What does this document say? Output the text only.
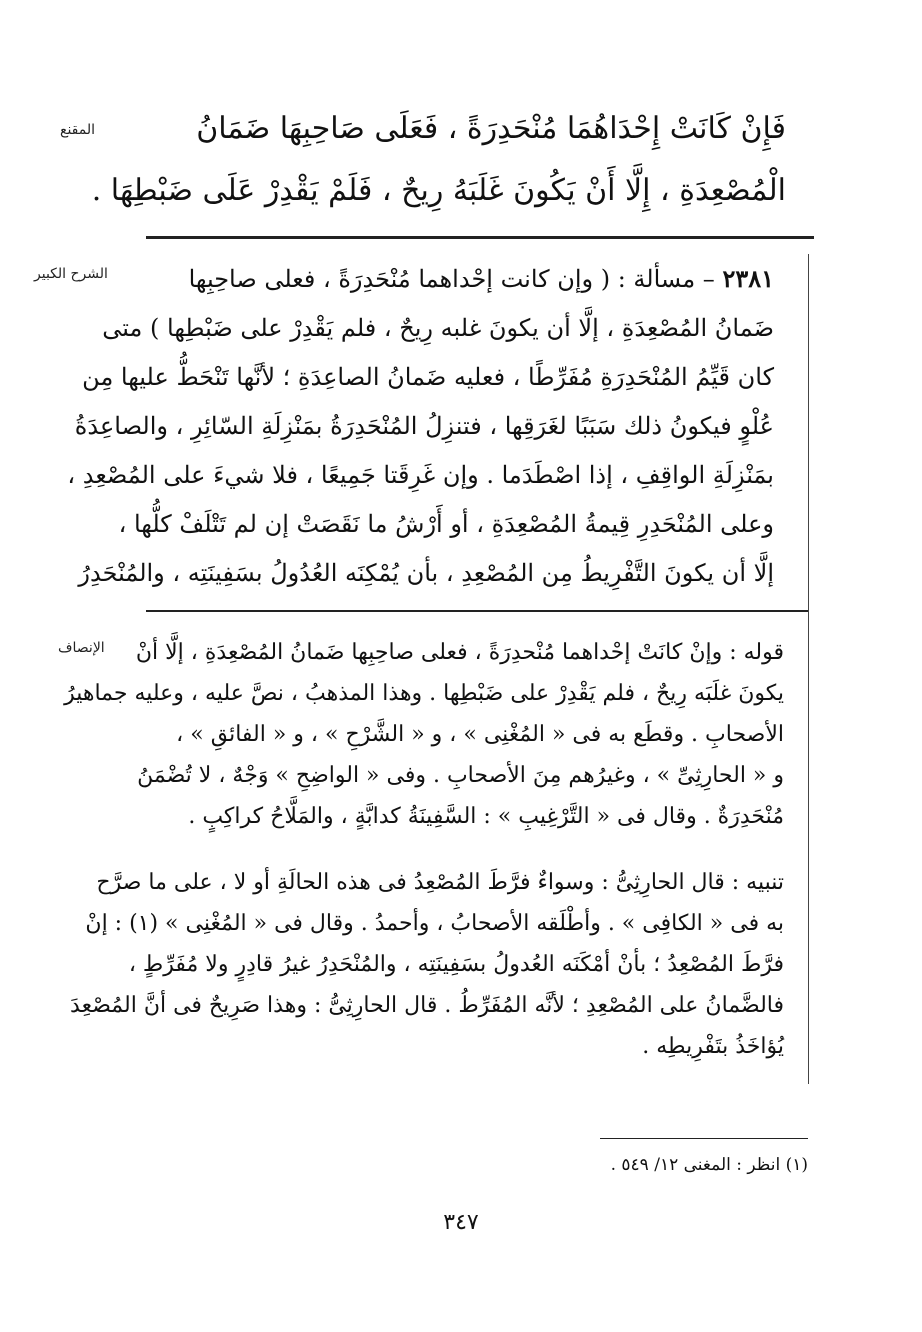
المقنع
الشرح الكبير
الإنصاف
فَإِنْ كَانَتْ إِحْدَاهُمَا مُنْحَدِرَةً ، فَعَلَى صَاحِبِهَا ضَمَانُ
الْمُصْعِدَةِ ، إِلَّا أَنْ يَكُونَ غَلَبَهُ رِيحٌ ، فَلَمْ يَقْدِرْ عَلَى ضَبْطِهَا .
٢٣٨١ – مسألة : ( وإن كانت إحْداهما مُنْحَدِرَةً ، فعلى صاحِبِها
ضَمانُ المُصْعِدَةِ ، إلَّا أن يكونَ غلبه رِيحٌ ، فلم يَقْدِرْ على ضَبْطِها ) متى
كان قَيِّمُ المُنْحَدِرَةِ مُفَرِّطًا ، فعليه ضَمانُ الصاعِدَةِ ؛ لأنَّها تَنْحَطُّ عليها مِن
عُلْوٍ فيكونُ ذلك سَبَبًا لغَرَقِها ، فتنزِلُ المُنْحَدِرَةُ بمَنْزِلَةِ السّائِرِ ، والصاعِدَةُ
بمَنْزِلَةِ الواقِفِ ، إذا اصْطَدَما . وإن غَرِقَتا جَمِيعًا ، فلا شيءَ على المُصْعِدِ ،
وعلى المُنْحَدِرِ قِيمةُ المُصْعِدَةِ ، أو أَرْشُ ما نَقَصَتْ إن لم تَتْلَفْ كلُّها ،
إلَّا أن يكونَ التَّفْرِيطُ مِن المُصْعِدِ ، بأن يُمْكِنَه العُدُولُ بسَفِينَتِه ، والمُنْحَدِرُ
قوله : وإنْ كانَتْ إحْداهما مُنْحدِرَةً ، فعلى صاحِبِها ضَمانُ المُصْعِدَةِ ، إلَّا أنْ
يكونَ غلَبَه رِيحٌ ، فلم يَقْدِرْ على ضَبْطِها . وهذا المذهبُ ، نصَّ عليه ، وعليه جماهيرُ
الأصحابِ . وقطَع به فى « المُغْنِى » ، و « الشَّرْحِ » ، و « الفائقِ » ،
و « الحارِثِىِّ » ، وغيرُهم مِنَ الأصحابِ . وفى « الواضِحِ » وَجْهٌ ، لا تُضْمَنُ
مُنْحَدِرَةٌ . وقال فى « التَّرْغِيبِ » : السَّفِينَةُ كدابَّةٍ ، والمَلَّاحُ كراكِبٍ .
تنبيه : قال الحارِثِىُّ : وسواءٌ فرَّطَ المُصْعِدُ فى هذه الحالَةِ أو لا ، على ما صرَّح
به فى « الكافِى » . وأطْلَقه الأصحابُ ، وأحمدُ . وقال فى « المُغْنِى » (١) : إنْ
فرَّطَ المُصْعِدُ ؛ بأنْ أمْكَنَه العُدولُ بسَفِينَتِه ، والمُنْحَدِرُ غيرُ قادِرٍ ولا مُفَرِّطٍ ،
فالضَّمانُ على المُصْعِدِ ؛ لأنَّه المُفَرِّطُ . قال الحارِثِىُّ : وهذا صَرِيحٌ فى أنَّ المُصْعِدَ
يُؤاخَذُ بتَفْرِيطِه .
(١) انظر : المغنى ١٢/ ٥٤٩ .
٣٤٧
